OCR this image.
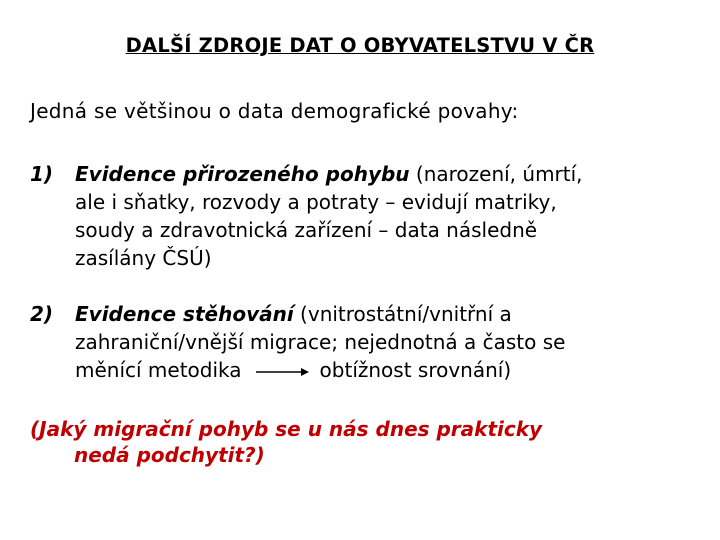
DALŠÍ ZDROJE DAT O OBYVATELSTVU V ČR
Jedná se většinou o data demografické povahy:
1)	Evidence přirozeného pohybu (narození, úmrtí,
ale i sňatky, rozvody a potraty – evidují matriky,
soudy a zdravotnická zařízení – data následně
zasílány ČSÚ)
2)	Evidence stěhování (vnitrostátní/vnitřní a
zahraniční/vnější migrace; nejednotná a často se
měnící metodika	obtížnost srovnání)
(Jaký migrační pohyb se u nás dnes prakticky
nedá podchytit?)
